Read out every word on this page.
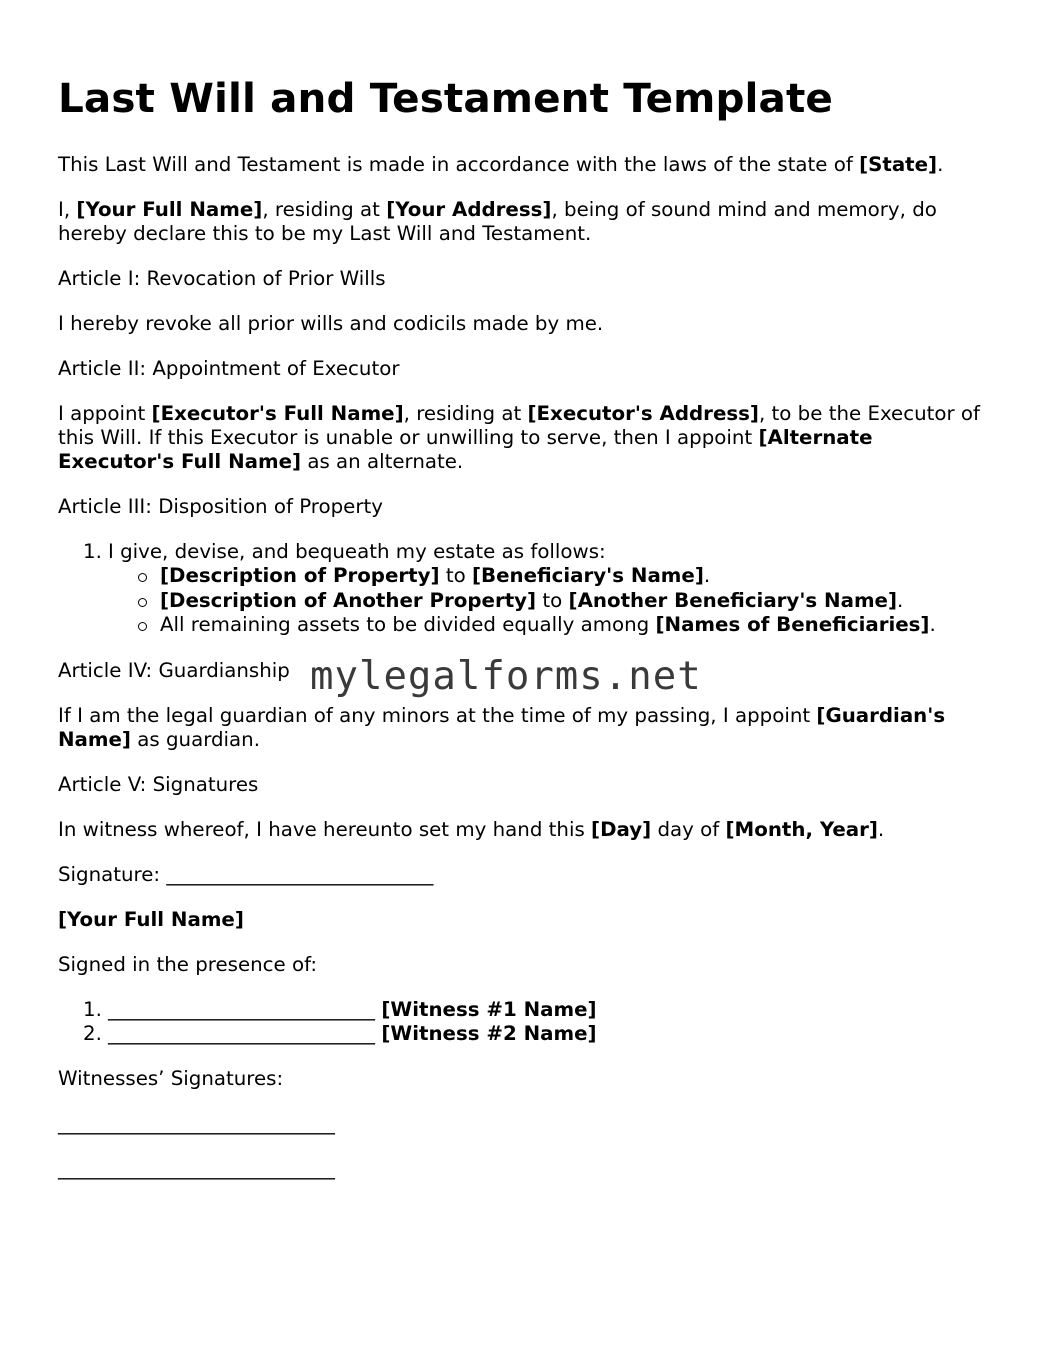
Last Will and Testament Template

This Last Will and Testament is made in accordance with the laws of the state of [State].

I, [Your Full Name], residing at [Your Address], being of sound mind and memory, do hereby declare this to be my Last Will and Testament.

Article I: Revocation of Prior Wills

I hereby revoke all prior wills and codicils made by me.

Article II: Appointment of Executor

I appoint [Executor's Full Name], residing at [Executor's Address], to be the Executor of this Will. If this Executor is unable or unwilling to serve, then I appoint [Alternate Executor's Full Name] as an alternate.

Article III: Disposition of Property

1. I give, devise, and bequeath my estate as follows:
[Description of Property] to [Beneficiary's Name].
[Description of Another Property] to [Another Beneficiary's Name].
All remaining assets to be divided equally among [Names of Beneficiaries].

Article IV: Guardianship

If I am the legal guardian of any minors at the time of my passing, I appoint [Guardian's Name] as guardian.

Article V: Signatures

In witness whereof, I have hereunto set my hand this [Day] day of [Month, Year].

Signature: ___________________________

[Your Full Name]

Signed in the presence of:

1. ___________________________ [Witness #1 Name]
2. ___________________________ [Witness #2 Name]

Witnesses’ Signatures:

____________________________

____________________________

mylegalforms.net
